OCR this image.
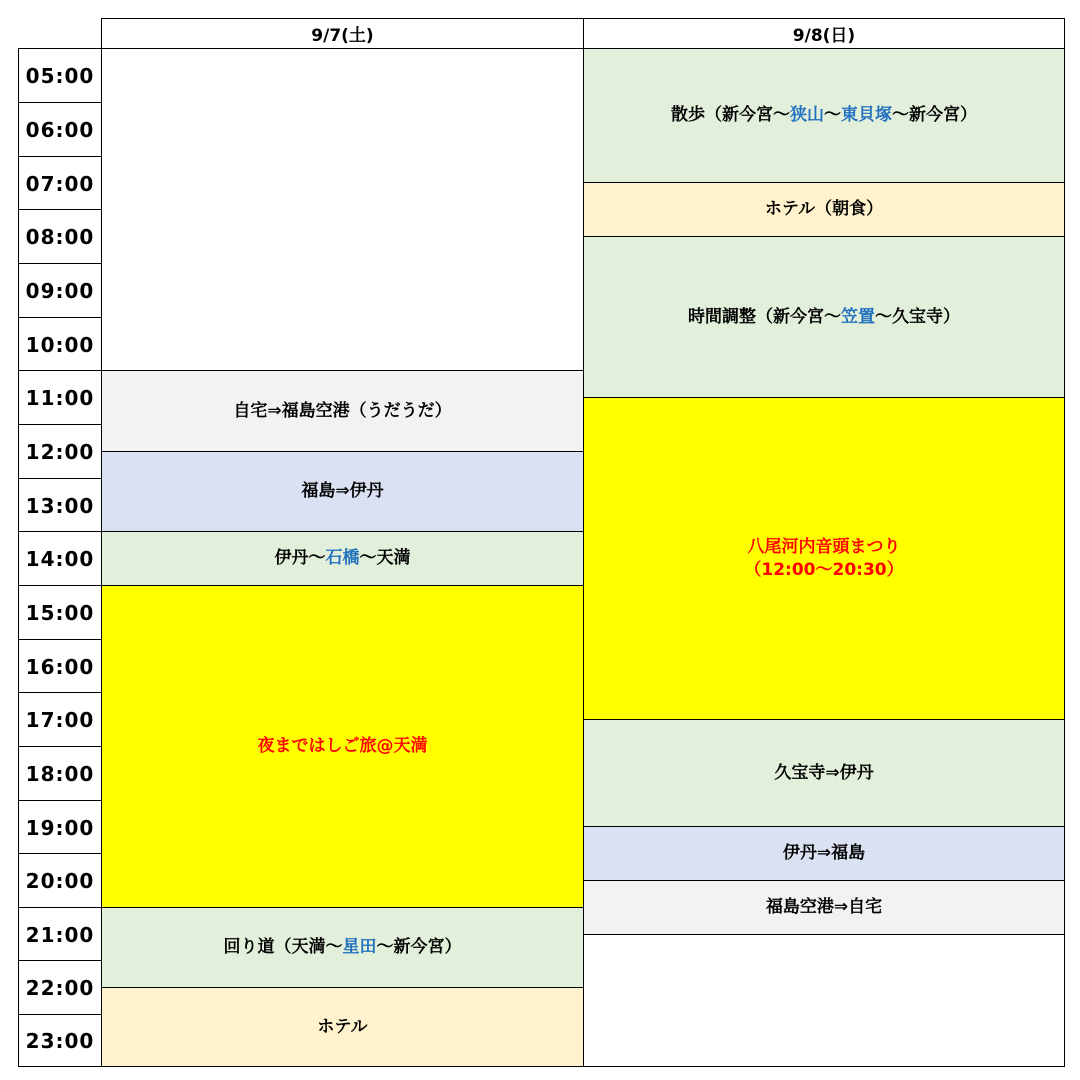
9/7(土)	9/8(日)
05:00
06:00
07:00
08:00
09:00
10:00
11:00
12:00
13:00
14:00
15:00
16:00
17:00
18:00
19:00
20:00
21:00
22:00
23:00
自宅⇒福島空港（うだうだ）
福島⇒伊丹
伊丹～石橋～天満
夜まではしご旅@天満
回り道（天満～星田～新今宮）
ホテル
散歩（新今宮～狭山～東貝塚～新今宮）
ホテル（朝食）
時間調整（新今宮～笠置～久宝寺）
八尾河内音頭まつり
（12:00～20:30）
久宝寺⇒伊丹
伊丹⇒福島
福島空港⇒自宅
